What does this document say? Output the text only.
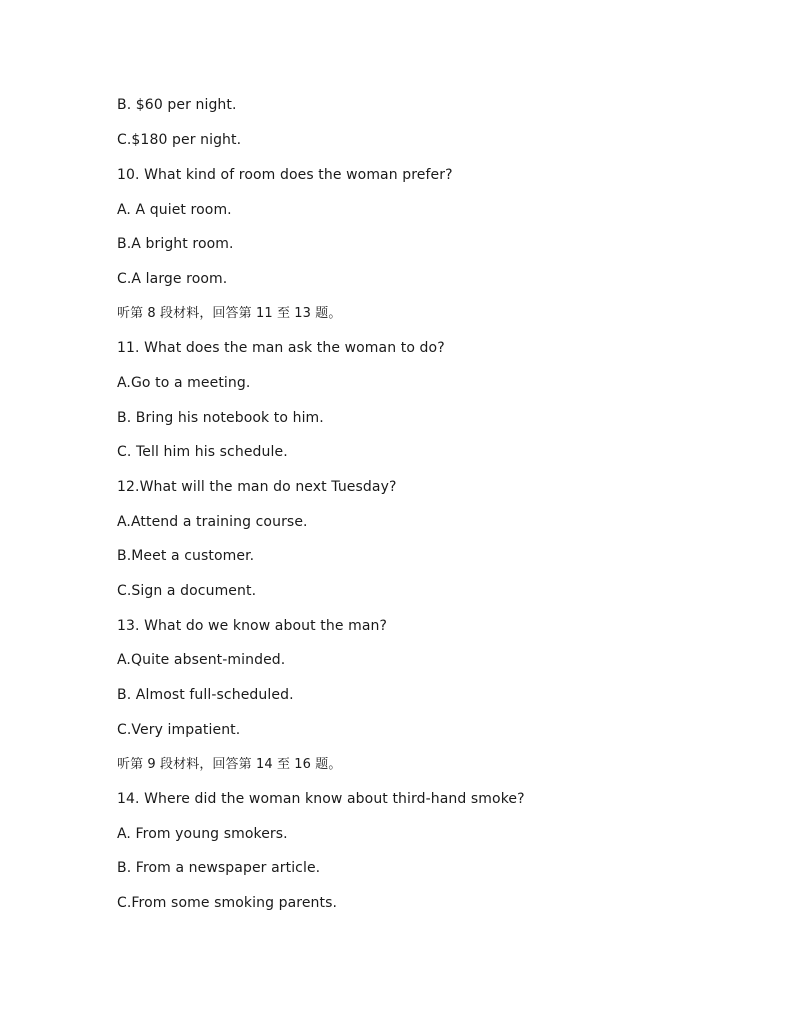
B. $60 per night.
C.$180 per night.
10. What kind of room does the woman prefer?
A. A quiet room.
B.A bright room.
C.A large room.
听第 8 段材料，回答第 11 至 13 题。
11. What does the man ask the woman to do?
A.Go to a meeting.
B. Bring his notebook to him.
C. Tell him his schedule.
12.What will the man do next Tuesday?
A.Attend a training course.
B.Meet a customer.
C.Sign a document.
13. What do we know about the man?
A.Quite absent-minded.
B. Almost full-scheduled.
C.Very impatient.
听第 9 段材料，回答第 14 至 16 题。
14. Where did the woman know about third-hand smoke?
A. From young smokers.
B. From a newspaper article.
C.From some smoking parents.
